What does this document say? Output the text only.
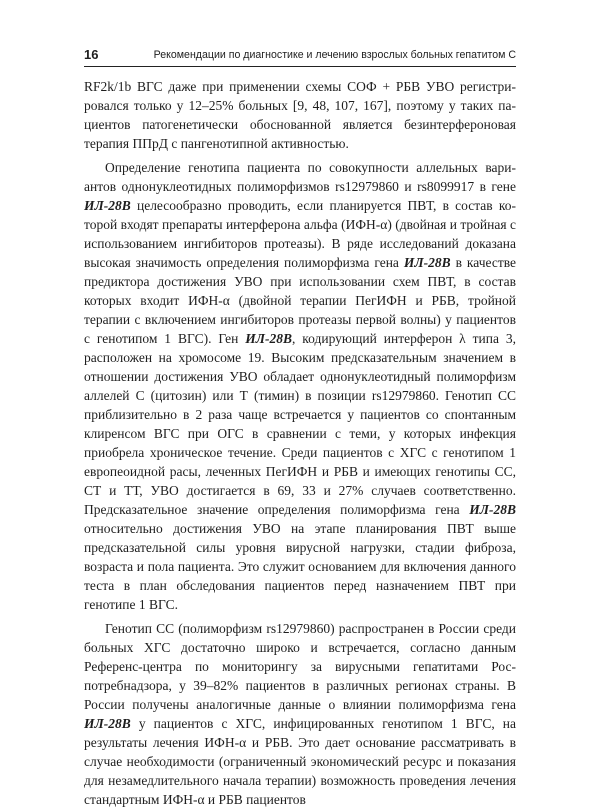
16	Рекомендации по диагностике и лечению взрослых больных гепатитом С

RF2k/1b ВГС даже при применении схемы СОФ + РБВ УВО регистрировался только у 12–25% больных [9, 48, 107, 167], поэтому у таких пациентов патогенетически обоснованной является безинтерфероновая терапия ППрД с пангенотипной активностью.

Определение генотипа пациента по совокупности аллельных вариантов однонуклеотидных полиморфизмов rs12979860 и rs8099917 в гене ИЛ-28B целесообразно проводить, если планируется ПВТ, в состав которой входят препараты интерферона альфа (ИФН-α) (двойная и тройная с использованием ингибиторов протеазы). В ряде исследований доказана высокая значимость определения полиморфизма гена ИЛ-28B в качестве предиктора достижения УВО при использовании схем ПВТ, в состав которых входит ИФН-α (двойной терапии ПегИФН и РБВ, тройной терапии с включением ингибиторов протеазы первой волны) у пациентов с генотипом 1 ВГС). Ген ИЛ-28B, кодирующий интерферон λ типа 3, расположен на хромосоме 19. Высоким предсказательным значением в отношении достижения УВО обладает однонуклеотидный полиморфизм аллелей С (цитозин) или Т (тимин) в позиции rs12979860. Генотип СС приблизительно в 2 раза чаще встречается у пациентов со спонтанным клиренсом ВГС при ОГС в сравнении с теми, у которых инфекция приобрела хроническое течение. Среди пациентов с ХГС с генотипом 1 европеоидной расы, леченных ПегИФН и РБВ и имеющих генотипы СС, СТ и ТТ, УВО достигается в 69, 33 и 27% случаев соответственно. Предсказательное значение определения полиморфизма гена ИЛ-28B относительно достижения УВО на этапе планирования ПВТ выше предсказательной силы уровня вирусной нагрузки, стадии фиброза, возраста и пола пациента. Это служит основанием для включения данного теста в план обследования пациентов перед назначением ПВТ при генотипе 1 ВГС.

Генотип СС (полиморфизм rs12979860) распространен в России среди больных ХГС достаточно широко и встречается, согласно данным Референс-центра по мониторингу за вирусными гепатитами Роспотребнадзора, у 39–82% пациентов в различных регионах страны. В России получены аналогичные данные о влиянии полиморфизма гена ИЛ-28B у пациентов с ХГС, инфицированных генотипом 1 ВГС, на результаты лечения ИФН-α и РБВ. Это дает основание рассматривать в случае необходимости (ограниченный экономический ресурс и показания для незамедлительного начала терапии) возможность проведения лечения стандартным ИФН-α и РБВ пациентов
